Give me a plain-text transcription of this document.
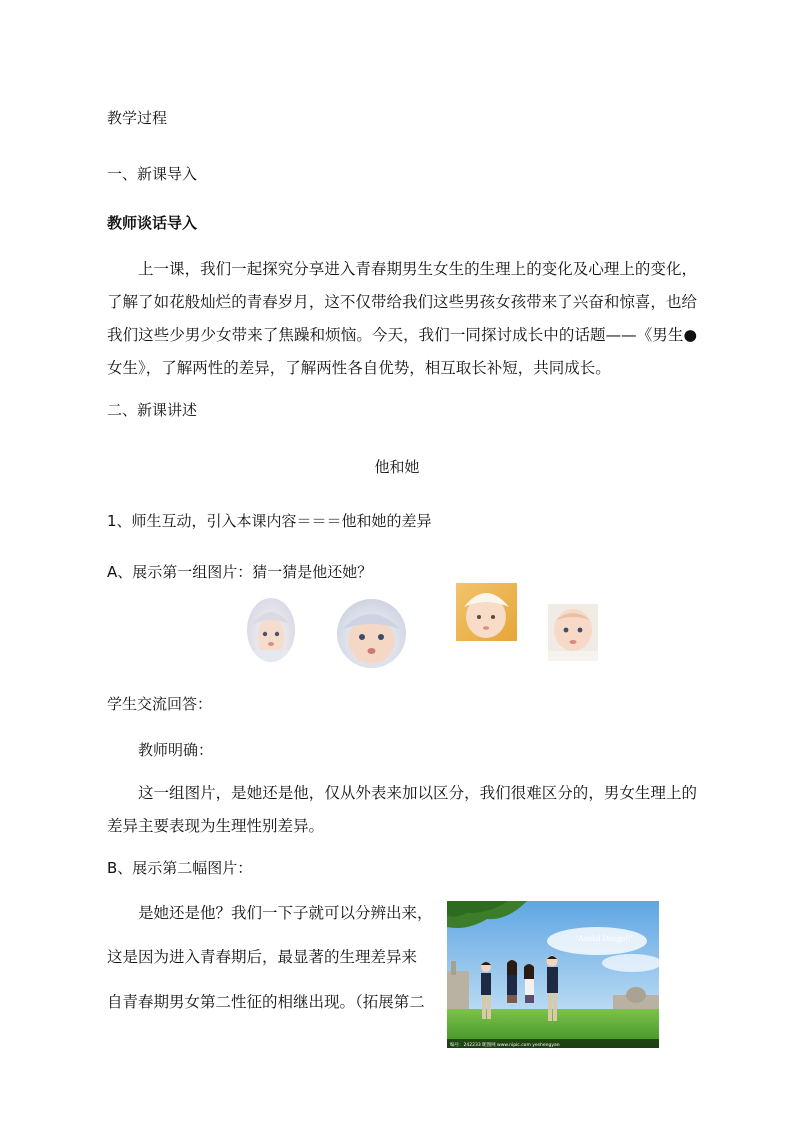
教学过程
一、新课导入
教师谈话导入
上一课，我们一起探究分享进入青春期男生女生的生理上的变化及心理上的变化，了解了如花般灿烂的青春岁月，这不仅带给我们这些男孩女孩带来了兴奋和惊喜，也给我们这些少男少女带来了焦躁和烦恼。今天，我们一同探讨成长中的话题——《男生●女生》，了解两性的差异，了解两性各自优势，相互取长补短，共同成长。
二、新课讲述
他和她
1、师生互动，引入本课内容＝＝＝他和她的差异
A、展示第一组图片：猜一猜是他还她？
学生交流回答：
教师明确：
这一组图片，是她还是他，仅从外表来加以区分，我们很难区分的，男女生理上的差异主要表现为生理性别差异。
B、展示第二幅图片：
是她还是他？我们一下子就可以分辨出来，
这是因为进入青春期后，最显著的生理差异来
自青春期男女第二性征的相继出现。（拓展第二
"Asadal Design!!"
编号：242233 昵图网 www.nipic.com yeshengyan
